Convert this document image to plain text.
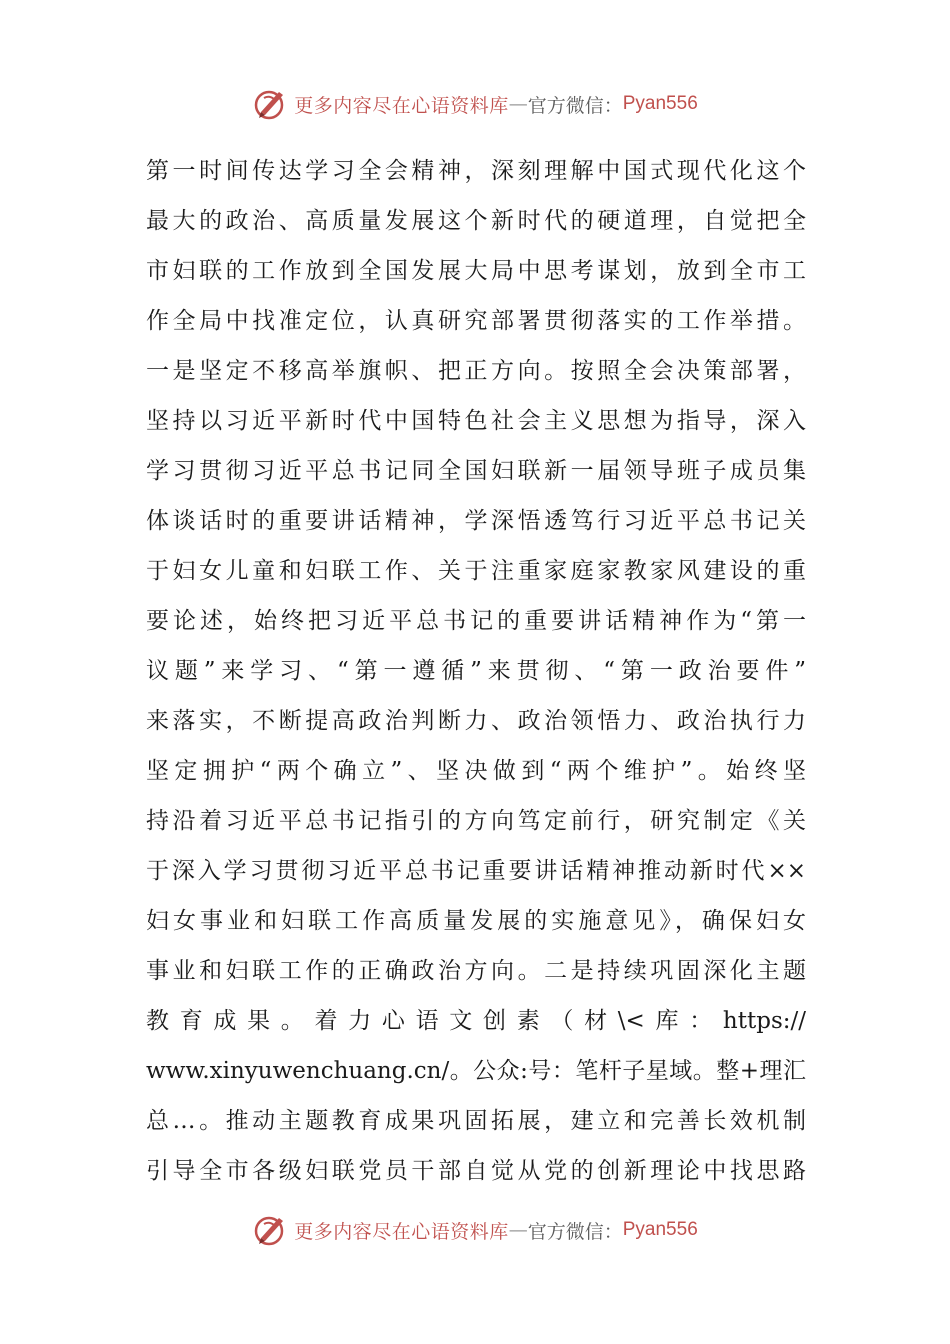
更多内容尽在心语资料库 — 官方微信： Pyan556
第一时间传达学习全会精神，深刻理解中国式现代化这个
最大的政治、高质量发展这个新时代的硬道理，自觉把全
市妇联的工作放到全国发展大局中思考谋划，放到全市工
作全局中找准定位，认真研究部署贯彻落实的工作举措。
一是坚定不移高举旗帜、把正方向。按照全会决策部署，
坚持以习近平新时代中国特色社会主义思想为指导，深入
学习贯彻习近平总书记同全国妇联新一届领导班子成员集
体谈话时的重要讲话精神，学深悟透笃行习近平总书记关
于妇女儿童和妇联工作、关于注重家庭家教家风建设的重
要论述，始终把习近平总书记的重要讲话精神作为“第一
议题”来学习、“第一遵循”来贯彻、“第一政治要件”
来落实，不断提高政治判断力、政治领悟力、政治执行力
坚定拥护“两个确立”、坚决做到“两个维护”。始终坚
持沿着习近平总书记指引的方向笃定前行，研究制定《关
于深入学习贯彻习近平总书记重要讲话精神推动新时代××
妇女事业和妇联工作高质量发展的实施意见》，确保妇女
事业和妇联工作的正确政治方向。二是持续巩固深化主题
教育成果。着力心语文创素（材\<库：https://
www.xinyuwenchuang.cn/。公众:号：笔杆子星域。整+理汇
总…。推动主题教育成果巩固拓展，建立和完善长效机制
引导全市各级妇联党员干部自觉从党的创新理论中找思路
更多内容尽在心语资料库 — 官方微信： Pyan556
